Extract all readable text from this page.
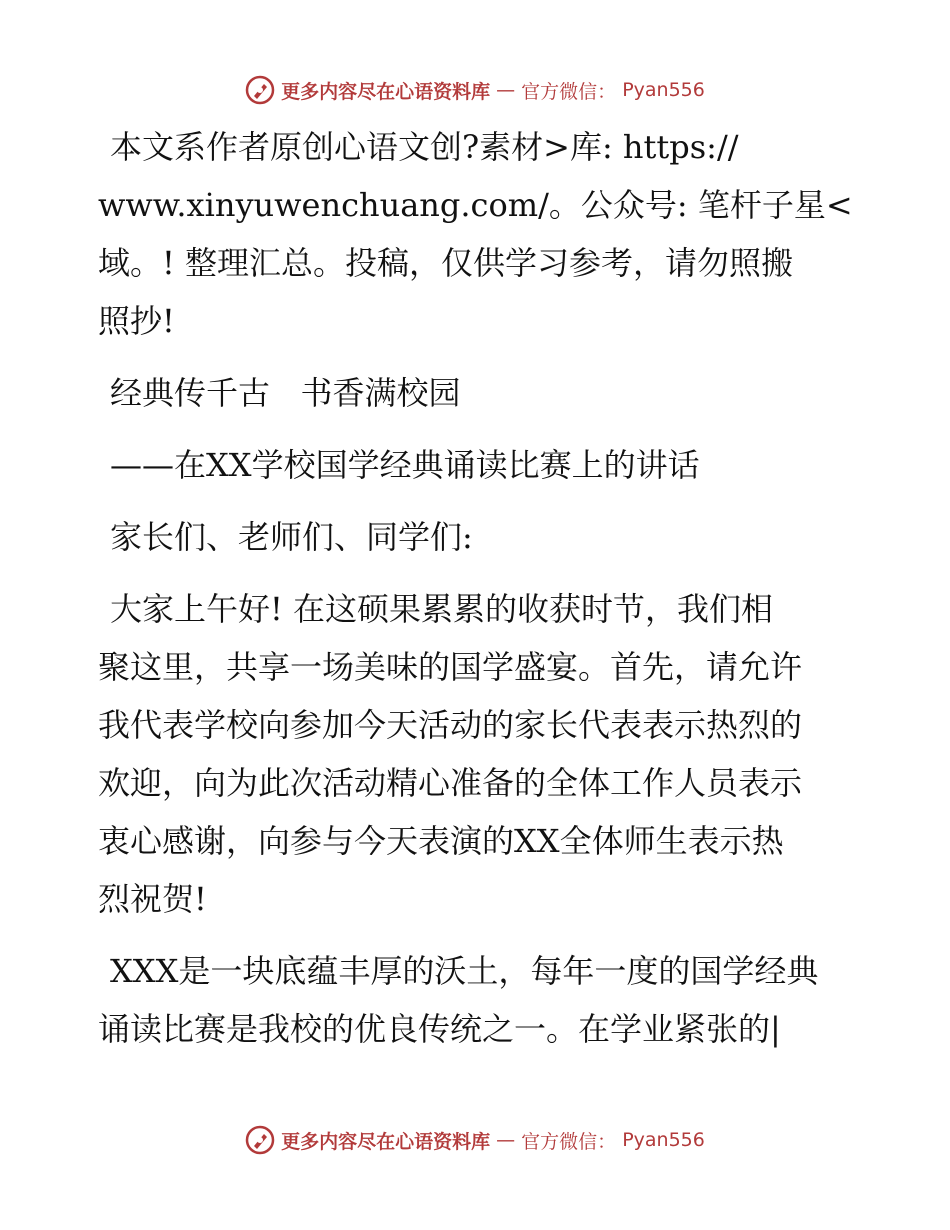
更多内容尽在心语资料库 — 官方微信： Pyan556

本文系作者原创心语文创?素材>库: https://
www.xinyuwenchuang.com/。公众号: 笔杆子星<
域。! 整理汇总。投稿，仅供学习参考，请勿照搬
照抄!

经典传千古   书香满校园

——在XX学校国学经典诵读比赛上的讲话

家长们、老师们、同学们:

大家上午好! 在这硕果累累的收获时节，我们相
聚这里，共享一场美味的国学盛宴。首先，请允许
我代表学校向参加今天活动的家长代表表示热烈的
欢迎，向为此次活动精心准备的全体工作人员表示
衷心感谢，向参与今天表演的XX全体师生表示热
烈祝贺!

XXX是一块底蕴丰厚的沃土，每年一度的国学经典
诵读比赛是我校的优良传统之一。在学业紧张的|

更多内容尽在心语资料库 — 官方微信： Pyan556
